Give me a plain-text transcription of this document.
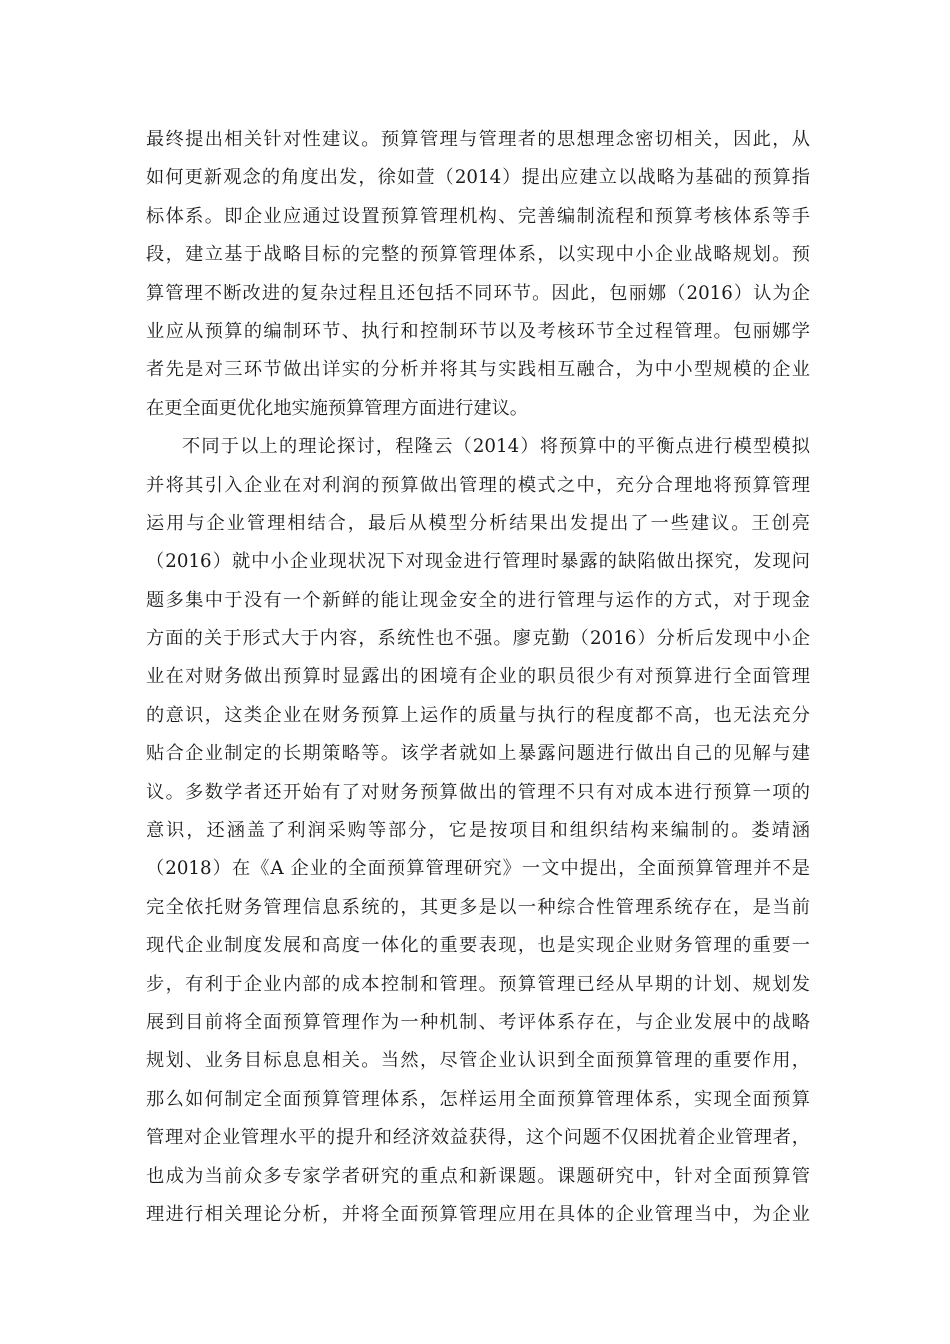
最终提出相关针对性建议。预算管理与管理者的思想理念密切相关，因此，从
如何更新观念的角度出发，徐如萱（2014）提出应建立以战略为基础的预算指
标体系。即企业应通过设置预算管理机构、完善编制流程和预算考核体系等手
段，建立基于战略目标的完整的预算管理体系，以实现中小企业战略规划。预
算管理不断改进的复杂过程且还包括不同环节。因此，包丽娜（2016）认为企
业应从预算的编制环节、执行和控制环节以及考核环节全过程管理。包丽娜学
者先是对三环节做出详实的分析并将其与实践相互融合，为中小型规模的企业
在更全面更优化地实施预算管理方面进行建议。
不同于以上的理论探讨，程隆云（2014）将预算中的平衡点进行模型模拟
并将其引入企业在对利润的预算做出管理的模式之中，充分合理地将预算管理
运用与企业管理相结合，最后从模型分析结果出发提出了一些建议。王创亮
（2016）就中小企业现状况下对现金进行管理时暴露的缺陷做出探究，发现问
题多集中于没有一个新鲜的能让现金安全的进行管理与运作的方式，对于现金
方面的关于形式大于内容，系统性也不强。廖克勤（2016）分析后发现中小企
业在对财务做出预算时显露出的困境有企业的职员很少有对预算进行全面管理
的意识，这类企业在财务预算上运作的质量与执行的程度都不高，也无法充分
贴合企业制定的长期策略等。该学者就如上暴露问题进行做出自己的见解与建
议。多数学者还开始有了对财务预算做出的管理不只有对成本进行预算一项的
意识，还涵盖了利润采购等部分，它是按项目和组织结构来编制的。娄靖涵
（2018）在《A 企业的全面预算管理研究》一文中提出，全面预算管理并不是
完全依托财务管理信息系统的，其更多是以一种综合性管理系统存在，是当前
现代企业制度发展和高度一体化的重要表现，也是实现企业财务管理的重要一
步，有利于企业内部的成本控制和管理。预算管理已经从早期的计划、规划发
展到目前将全面预算管理作为一种机制、考评体系存在，与企业发展中的战略
规划、业务目标息息相关。当然，尽管企业认识到全面预算管理的重要作用，
那么如何制定全面预算管理体系，怎样运用全面预算管理体系，实现全面预算
管理对企业管理水平的提升和经济效益获得，这个问题不仅困扰着企业管理者，
也成为当前众多专家学者研究的重点和新课题。课题研究中，针对全面预算管
理进行相关理论分析，并将全面预算管理应用在具体的企业管理当中，为企业
